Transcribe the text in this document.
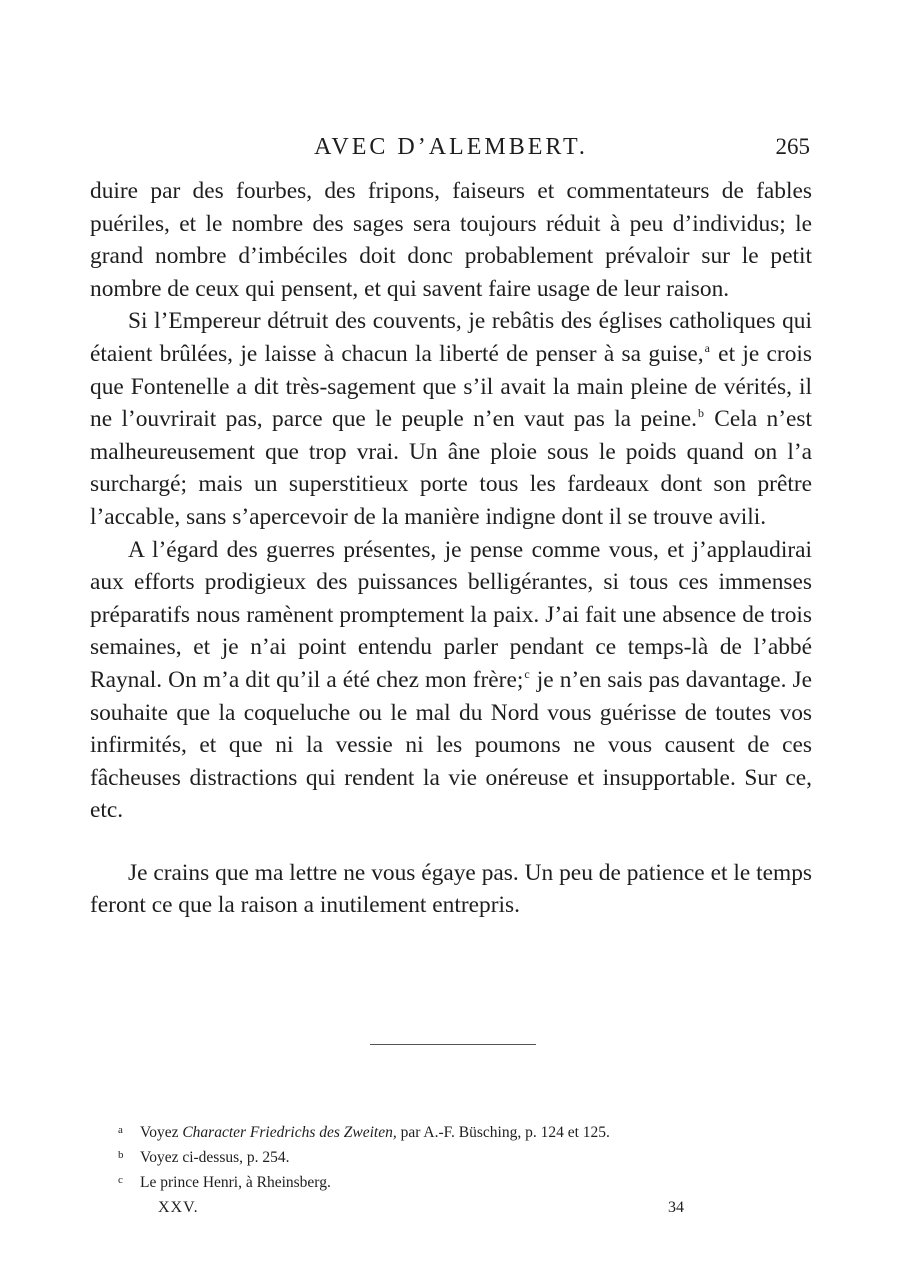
AVEC D’ALEMBERT.	265

duire par des fourbes, des fripons, faiseurs et commentateurs de fables puériles, et le nombre des sages sera toujours réduit à peu d’individus; le grand nombre d’imbéciles doit donc probablement prévaloir sur le petit nombre de ceux qui pensent, et qui savent faire usage de leur raison.

Si l’Empereur détruit des couvents, je rebâtis des églises catholiques qui étaient brûlées, je laisse à chacun la liberté de penser à sa guise,$^a$ et je crois que Fontenelle a dit très-sagement que s’il avait la main pleine de vérités, il ne l’ouvrirait pas, parce que le peuple n’en vaut pas la peine.$^b$ Cela n’est malheureusement que trop vrai. Un âne ploie sous le poids quand on l’a surchargé; mais un superstitieux porte tous les fardeaux dont son prêtre l’accable, sans s’apercevoir de la manière indigne dont il se trouve avili.

A l’égard des guerres présentes, je pense comme vous, et j’applaudirai aux efforts prodigieux des puissances belligérantes, si tous ces immenses préparatifs nous ramènent promptement la paix. J’ai fait une absence de trois semaines, et je n’ai point entendu parler pendant ce temps-là de l’abbé Raynal. On m’a dit qu’il a été chez mon frère;$^c$ je n’en sais pas davantage. Je souhaite que la coqueluche ou le mal du Nord vous guérisse de toutes vos infirmités, et que ni la vessie ni les poumons ne vous causent de ces fâcheuses distractions qui rendent la vie onéreuse et insupportable. Sur ce, etc.

Je crains que ma lettre ne vous égaye pas. Un peu de patience et le temps feront ce que la raison a inutilement entrepris.

a Voyez Character Friedrichs des Zweiten, par A.-F. Büsching, p. 124 et 125.
b Voyez ci-dessus, p. 254.
c Le prince Henri, à Rheinsberg.
XXV.	34
